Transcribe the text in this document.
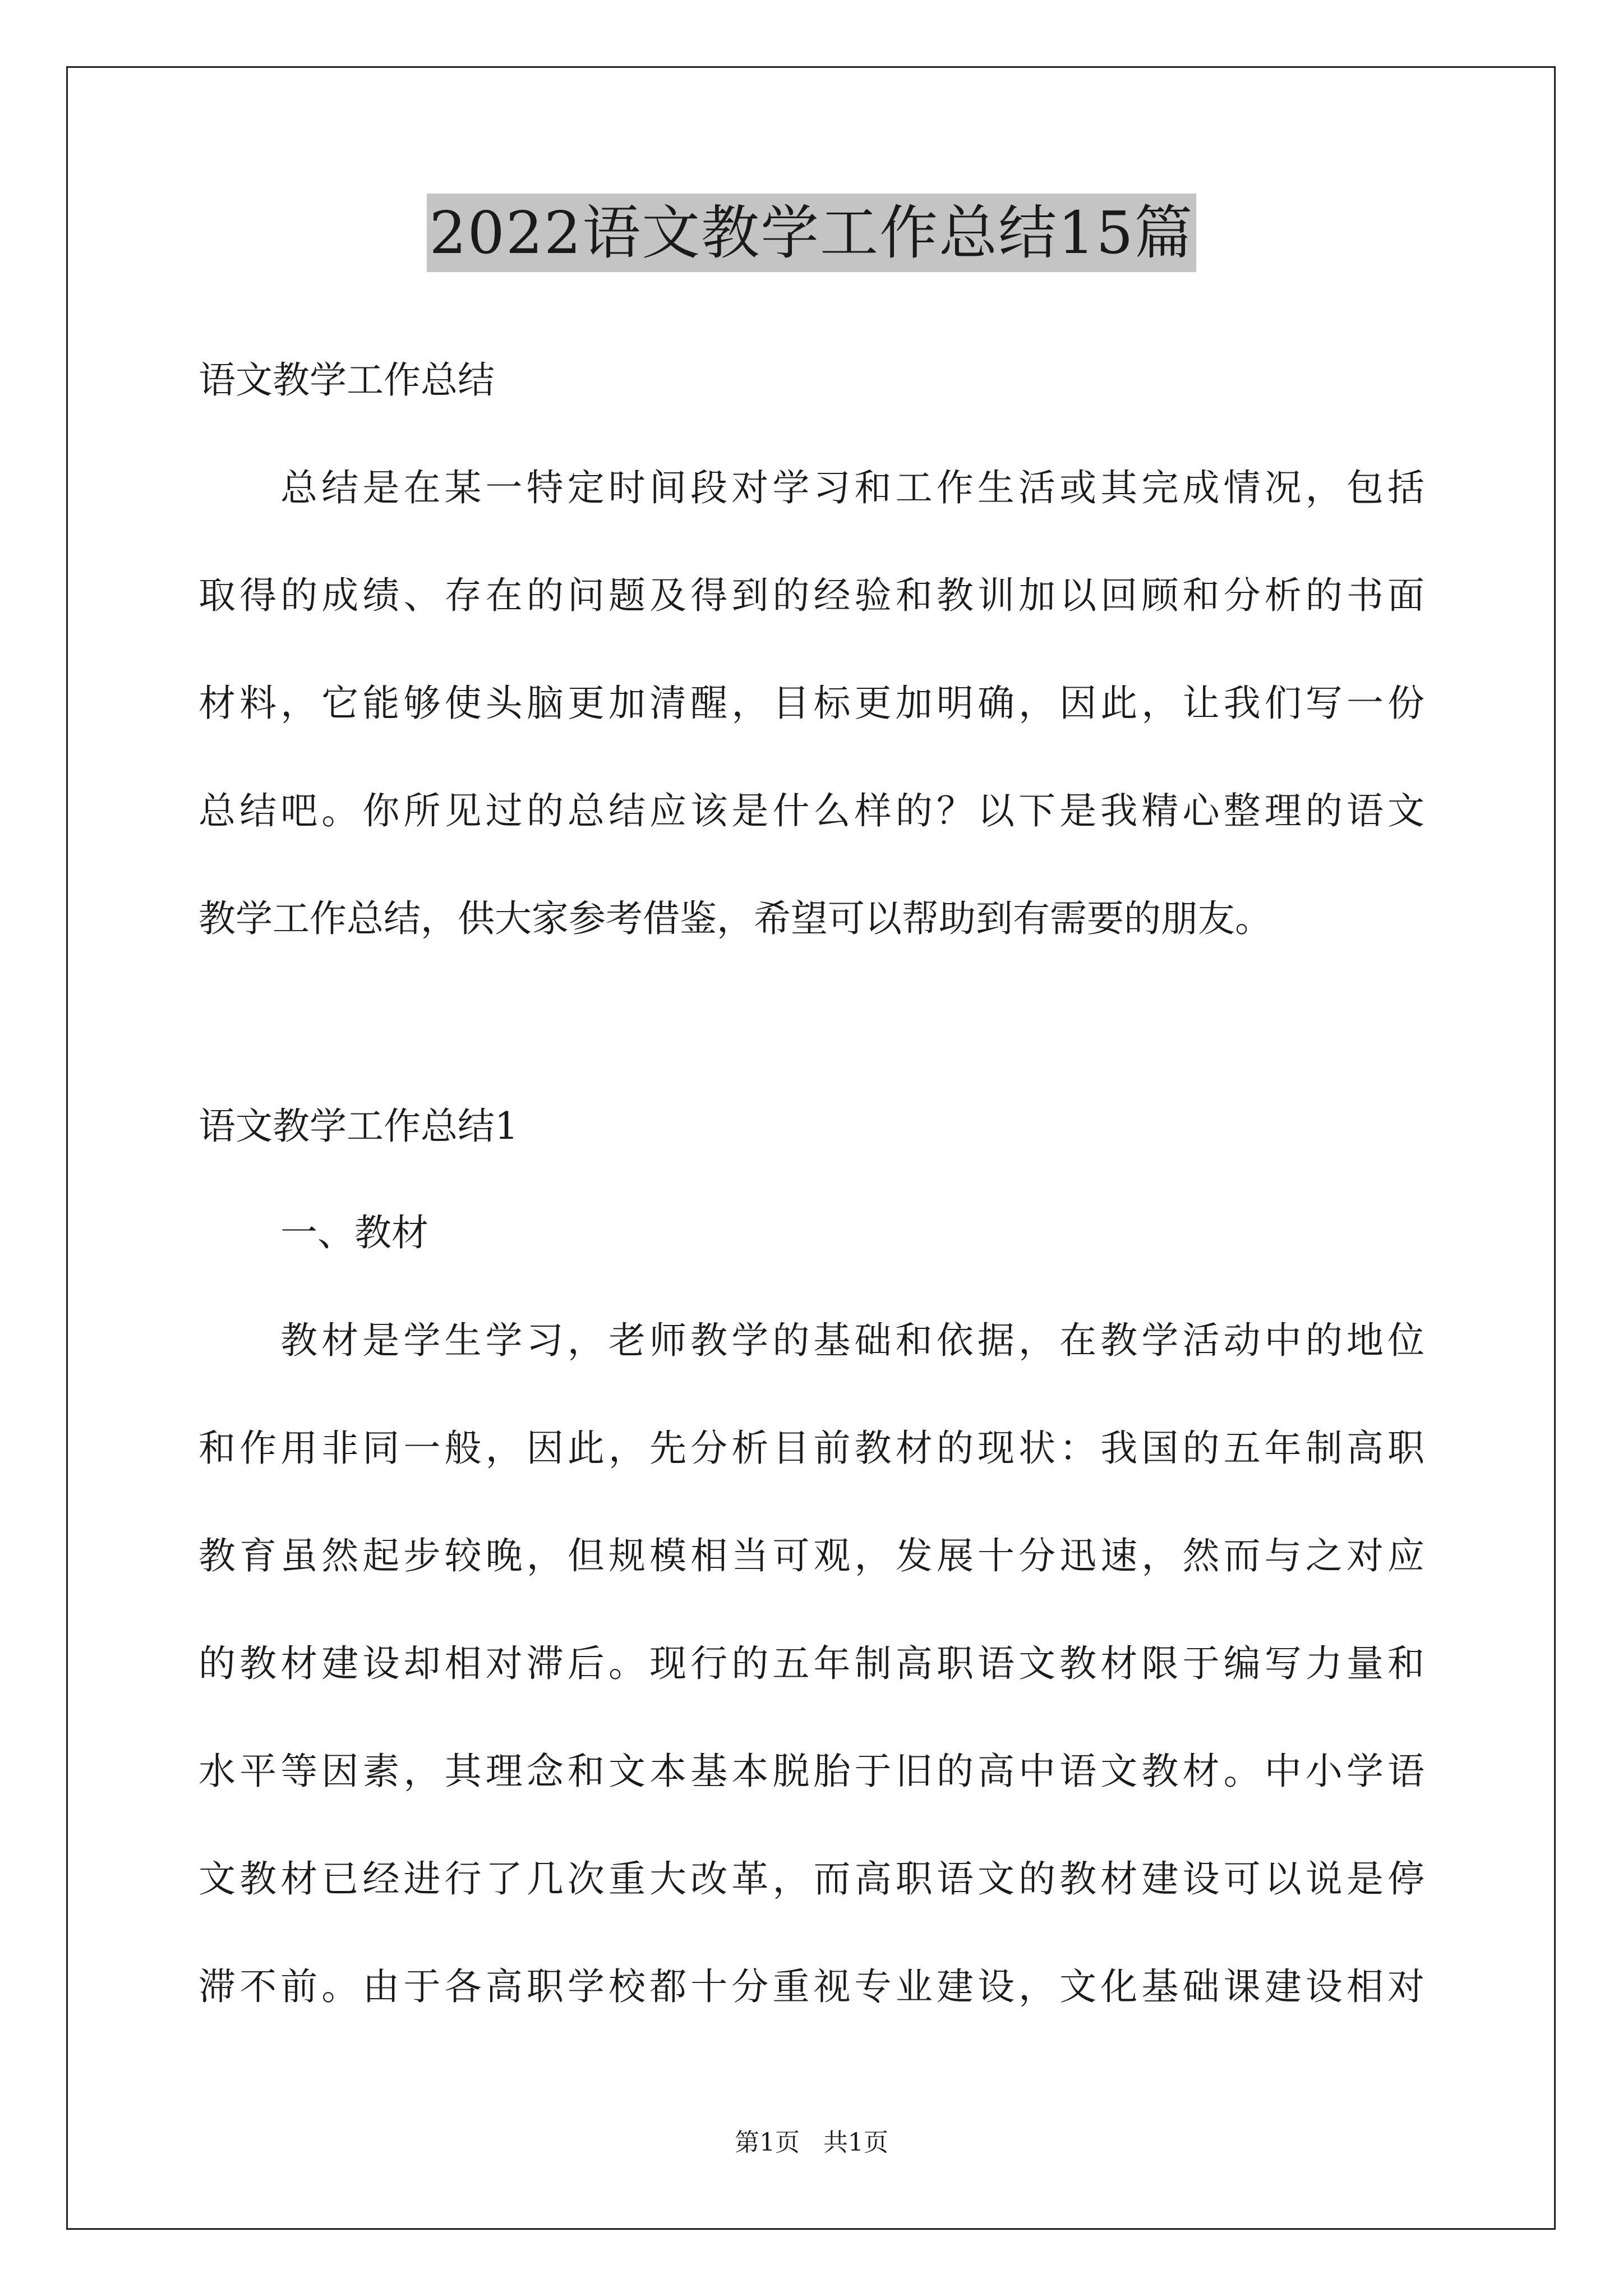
2022语文教学工作总结15篇
语文教学工作总结
总结是在某一特定时间段对学习和工作生活或其完成情况，包括
取得的成绩、存在的问题及得到的经验和教训加以回顾和分析的书面
材料，它能够使头脑更加清醒，目标更加明确，因此，让我们写一份
总结吧。你所见过的总结应该是什么样的？以下是我精心整理的语文
教学工作总结，供大家参考借鉴，希望可以帮助到有需要的朋友。
语文教学工作总结1
一、教材
教材是学生学习，老师教学的基础和依据，在教学活动中的地位
和作用非同一般，因此，先分析目前教材的现状：我国的五年制高职
教育虽然起步较晚，但规模相当可观，发展十分迅速，然而与之对应
的教材建设却相对滞后。现行的五年制高职语文教材限于编写力量和
水平等因素，其理念和文本基本脱胎于旧的高中语文教材。中小学语
文教材已经进行了几次重大改革，而高职语文的教材建设可以说是停
滞不前。由于各高职学校都十分重视专业建设，文化基础课建设相对
第1页   共1页
